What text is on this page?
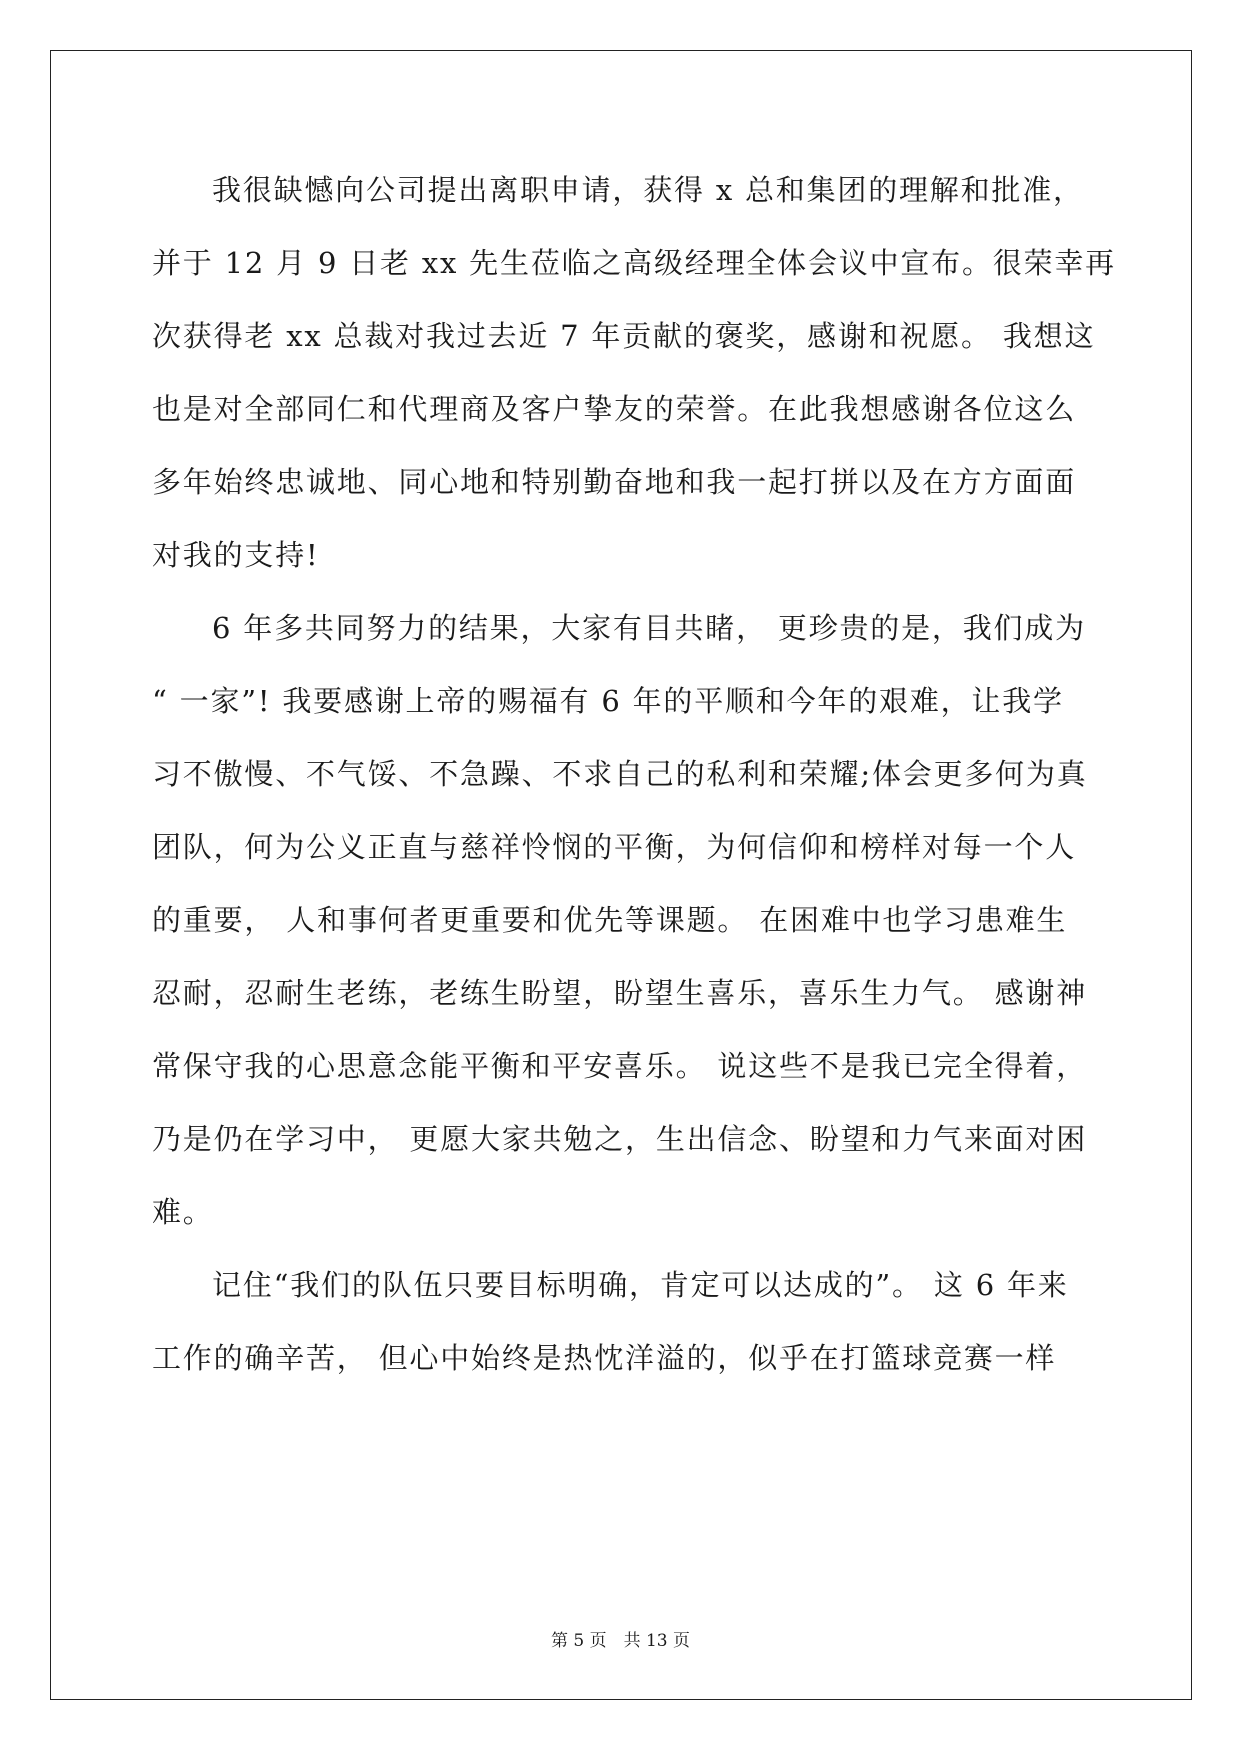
我很缺憾向公司提出离职申请，获得 x 总和集团的理解和批准，
并于 12 月 9 日老 xx 先生莅临之高级经理全体会议中宣布。很荣幸再
次获得老 xx 总裁对我过去近 7 年贡献的褒奖，感谢和祝愿。 我想这
也是对全部同仁和代理商及客户挚友的荣誉。在此我想感谢各位这么
多年始终忠诚地、同心地和特别勤奋地和我一起打拼以及在方方面面
对我的支持!
6 年多共同努力的结果，大家有目共睹， 更珍贵的是，我们成为
“ 一家”! 我要感谢上帝的赐福有 6 年的平顺和今年的艰难，让我学
习不傲慢、不气馁、不急躁、不求自己的私利和荣耀;体会更多何为真
团队，何为公义正直与慈祥怜悯的平衡，为何信仰和榜样对每一个人
的重要， 人和事何者更重要和优先等课题。 在困难中也学习患难生
忍耐，忍耐生老练，老练生盼望，盼望生喜乐，喜乐生力气。 感谢神
常保守我的心思意念能平衡和平安喜乐。 说这些不是我已完全得着，
乃是仍在学习中， 更愿大家共勉之，生出信念、盼望和力气来面对困
难。
记住“我们的队伍只要目标明确，肯定可以达成的”。 这 6 年来
工作的确辛苦， 但心中始终是热忱洋溢的，似乎在打篮球竞赛一样
第 5 页　共 13 页
